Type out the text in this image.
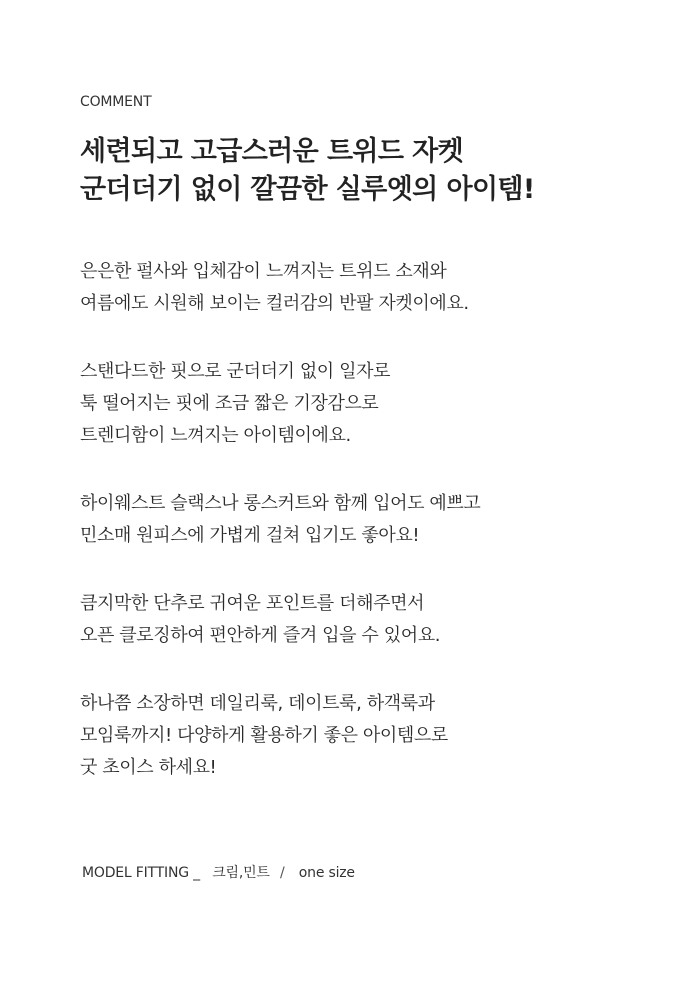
COMMENT
세련되고 고급스러운 트위드 자켓
군더더기 없이 깔끔한 실루엣의 아이템!

은은한 펄사와 입체감이 느껴지는 트위드 소재와
여름에도 시원해 보이는 컬러감의 반팔 자켓이에요.

스탠다드한 핏으로 군더더기 없이 일자로
툭 떨어지는 핏에 조금 짧은 기장감으로
트렌디함이 느껴지는 아이템이에요.

하이웨스트 슬랙스나 롱스커트와 함께 입어도 예쁘고
민소매 원피스에 가볍게 걸쳐 입기도 좋아요!

큼지막한 단추로 귀여운 포인트를 더해주면서
오픈 클로징하여 편안하게 즐겨 입을 수 있어요.

하나쯤 소장하면 데일리룩, 데이트룩, 하객룩과
모임룩까지! 다양하게 활용하기 좋은 아이템으로
굿 초이스 하세요!

MODEL FITTING _ 크림,민트 / one size
